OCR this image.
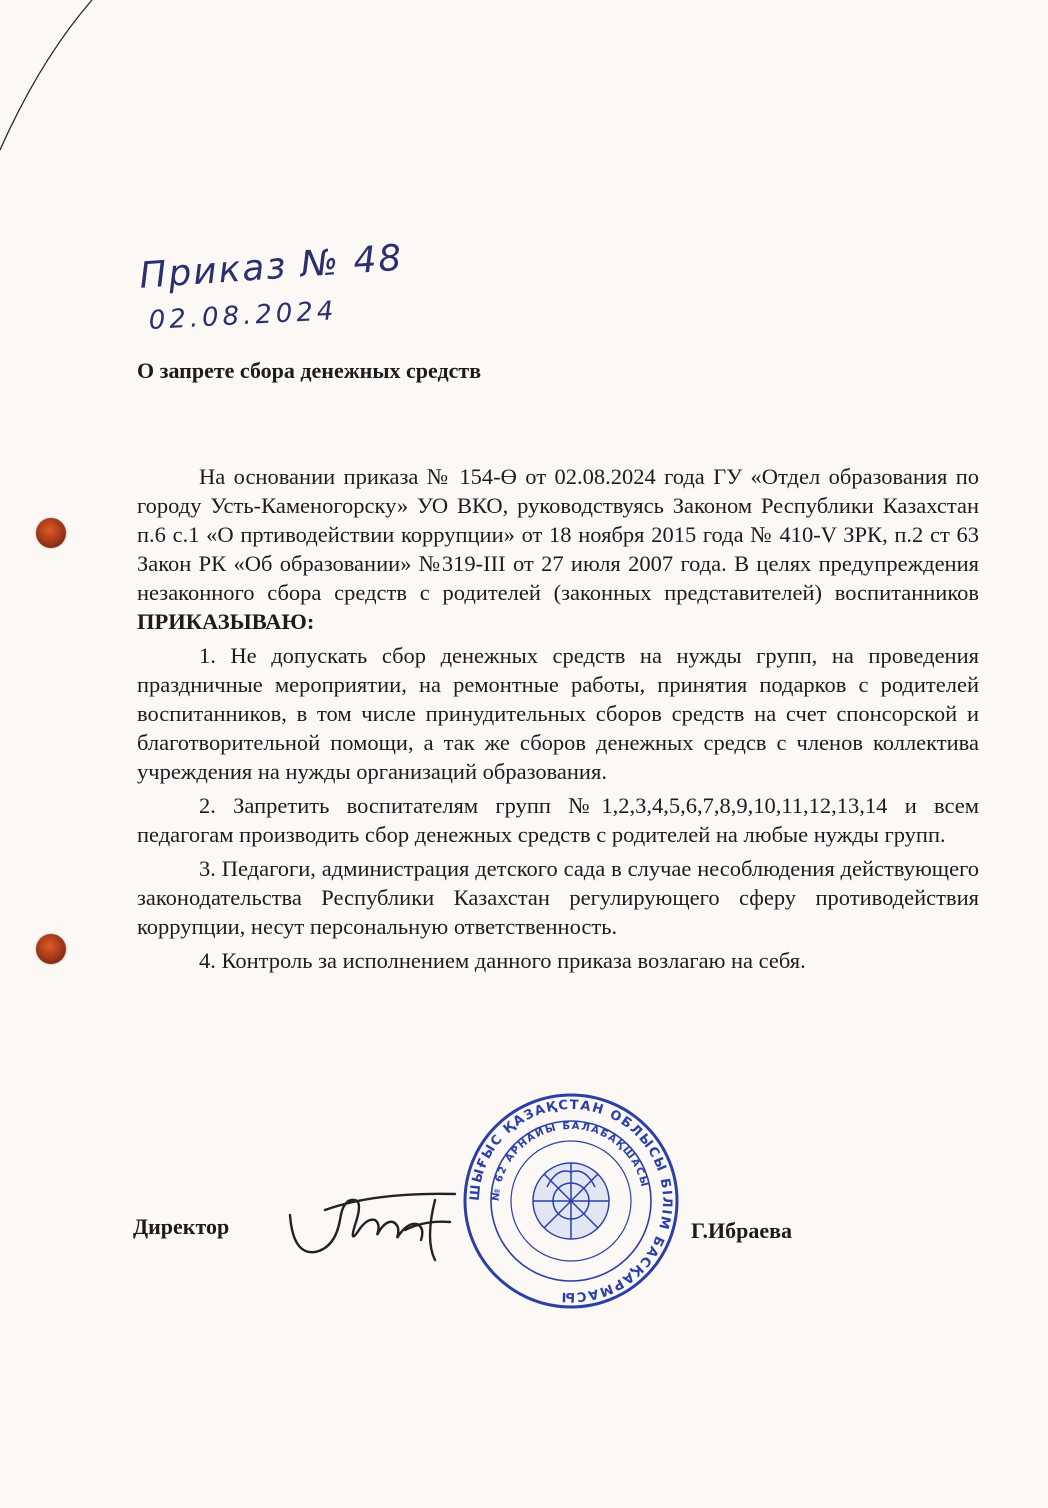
Приказ № 48
02.08.2024
О запрете сбора денежных средств

На основании приказа № 154-Ө от 02.08.2024 года ГУ «Отдел образования по городу Усть-Каменогорску» УО ВКО, руководствуясь Законом Республики Казахстан п.6 с.1 «О пртиводействии коррупции» от 18 ноября 2015 года № 410-V ЗРК, п.2 ст 63 Закон РК «Об образовании» №319-III от 27 июля 2007 года. В целях предупреждения незаконного сбора средств с родителей (законных представителей) воспитанников ПРИКАЗЫВАЮ:

1. Не допускать сбор денежных средств на нужды групп, на проведения праздничные мероприятии, на ремонтные работы, принятия подарков с родителей воспитанников, в том числе принудительных сборов средств на счет спонсорской и благотворительной помощи, а так же сборов денежных средсв с членов коллектива учреждения на нужды организаций образования.

2. Запретить воспитателям групп №1,2,3,4,5,6,7,8,9,10,11,12,13,14 и всем педагогам производить сбор денежных средств с родителей на любые нужды групп.

3. Педагоги, администрация детского сада в случае несоблюдения действующего законодательства Республики Казахстан регулирующего сферу противодействия коррупции, несут персональную ответственность.

4. Контроль за исполнением данного приказа возлагаю на себя.

Директор
ШЫҒЫС ҚАЗАҚСТАН ОБЛЫСЫ БІЛІМ БАСҚАРМАСЫ
№ 62 АРНАЙЫ БАЛАБАҚШАСЫ
Г.Ибраева
